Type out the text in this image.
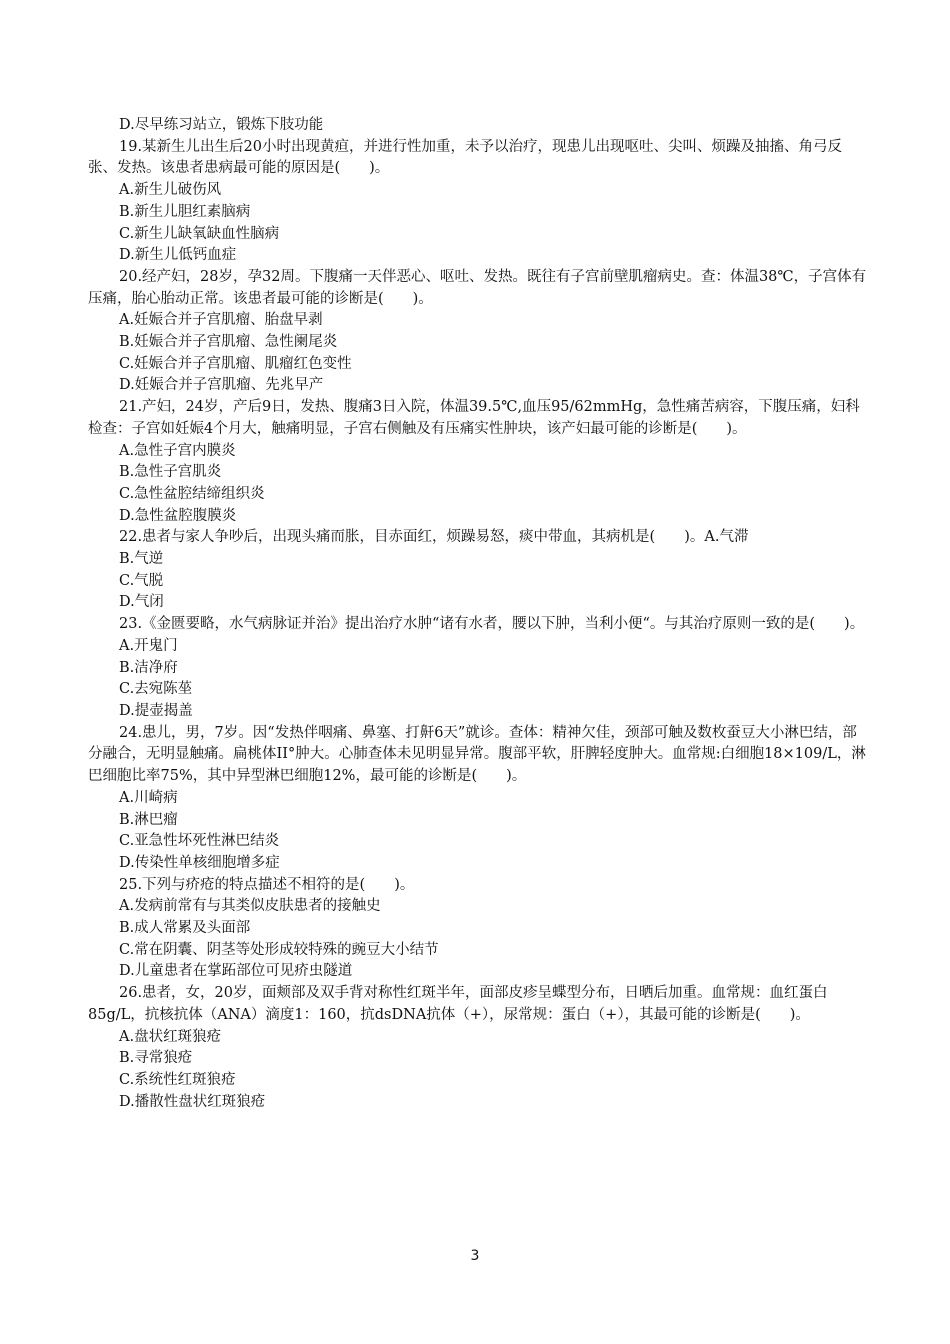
D.尽早练习站立，锻炼下肢功能

19.某新生儿出生后20小时出现黄疸，并进行性加重，未予以治疗，现患儿出现呕吐、尖叫、烦躁及抽搐、角弓反张、发热。该患者患病最可能的原因是(　　)。

A.新生儿破伤风

B.新生儿胆红素脑病

C.新生儿缺氧缺血性脑病

D.新生儿低钙血症

20.经产妇，28岁，孕32周。下腹痛一天伴恶心、呕吐、发热。既往有子宫前壁肌瘤病史。查：体温38℃，子宫体有压痛，胎心胎动正常。该患者最可能的诊断是(　　)。

A.妊娠合并子宫肌瘤、胎盘早剥

B.妊娠合并子宫肌瘤、急性阑尾炎

C.妊娠合并子宫肌瘤、肌瘤红色变性

D.妊娠合并子宫肌瘤、先兆早产

21.产妇，24岁，产后9日，发热、腹痛3日入院，体温39.5℃,血压95/62mmHg，急性痛苦病容，下腹压痛，妇科检查：子宫如妊娠4个月大，触痛明显，子宫右侧触及有压痛实性肿块，该产妇最可能的诊断是(　　)。

A.急性子宫内膜炎

B.急性子宫肌炎

C.急性盆腔结缔组织炎

D.急性盆腔腹膜炎

22.患者与家人争吵后，出现头痛而胀，目赤面红，烦躁易怒，痰中带血，其病机是(　　)。A.气滞

B.气逆

C.气脱

D.气闭

23.《金匮要略，水气病脉证并治》提出治疗水肿“诸有水者，腰以下肿，当利小便“。与其治疗原则一致的是(　　)。

A.开鬼门

B.洁净府

C.去宛陈莝

D.提壶揭盖

24.患儿，男，7岁。因“发热伴咽痛、鼻塞、打鼾6天”就诊。查体：精神欠佳，颈部可触及数枚蚕豆大小淋巴结，部分融合，无明显触痛。扁桃体II°肿大。心肺查体未见明显异常。腹部平软，肝脾轻度肿大。血常规:白细胞18×109/L，淋巴细胞比率75%，其中异型淋巴细胞12%，最可能的诊断是(　　)。

A.川崎病

B.淋巴瘤

C.亚急性坏死性淋巴结炎

D.传染性单核细胞增多症

25.下列与疥疮的特点描述不相符的是(　　)。

A.发病前常有与其类似皮肤患者的接触史

B.成人常累及头面部

C.常在阴囊、阴茎等处形成较特殊的豌豆大小结节

D.儿童患者在掌跖部位可见疥虫隧道

26.患者，女，20岁，面颊部及双手背对称性红斑半年，面部皮疹呈蝶型分布，日晒后加重。血常规：血红蛋白85g/L，抗核抗体（ANA）滴度1：160，抗dsDNA抗体（+），尿常规：蛋白（+），其最可能的诊断是(　　)。

A.盘状红斑狼疮

B.寻常狼疮

C.系统性红斑狼疮

D.播散性盘状红斑狼疮

3
